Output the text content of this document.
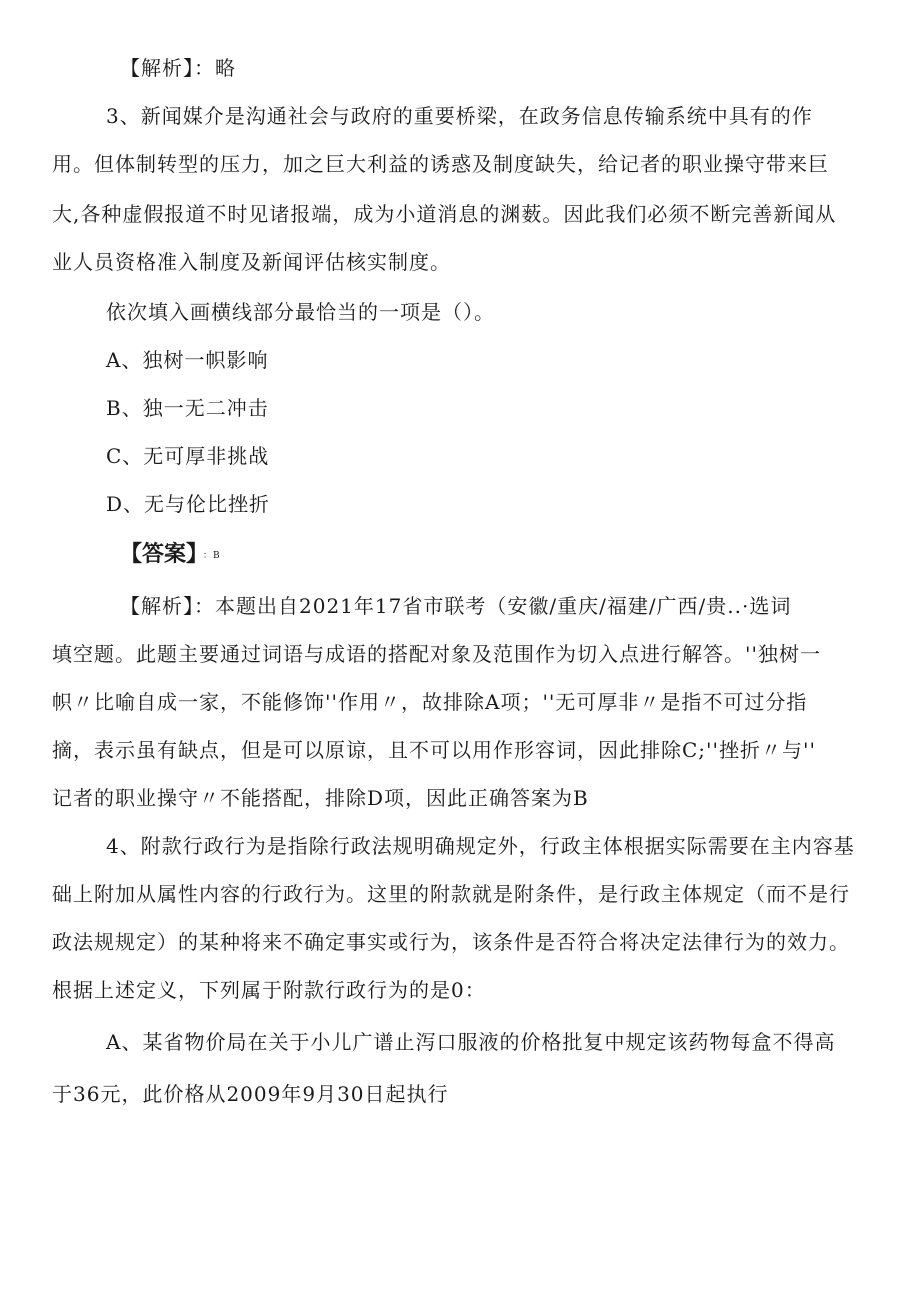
【解析】：略
3、新闻媒介是沟通社会与政府的重要桥梁，在政务信息传输系统中具有的作
用。但体制转型的压力，加之巨大利益的诱惑及制度缺失，给记者的职业操守带来巨
大,各种虚假报道不时见诸报端，成为小道消息的渊薮。因此我们必须不断完善新闻从
业人员资格准入制度及新闻评估核实制度。
依次填入画横线部分最恰当的一项是（）。
A、独树一帜影响
B、独一无二冲击
C、无可厚非挑战
D、无与伦比挫折
【答案】 ：B
【解析】：本题出自2021年17省市联考（安徽/重庆/福建/广西/贵..·选词
填空题。此题主要通过词语与成语的搭配对象及范围作为切入点进行解答。''独树一
帜〃比喻自成一家，不能修饰''作用〃，故排除A项；''无可厚非〃是指不可过分指
摘，表示虽有缺点，但是可以原谅，且不可以用作形容词，因此排除C;''挫折〃与''
记者的职业操守〃不能搭配，排除D项，因此正确答案为B
4、附款行政行为是指除行政法规明确规定外，行政主体根据实际需要在主内容基
础上附加从属性内容的行政行为。这里的附款就是附条件，是行政主体规定（而不是行
政法规规定）的某种将来不确定事实或行为，该条件是否符合将决定法律行为的效力。
根据上述定义，下列属于附款行政行为的是0：
A、某省物价局在关于小儿广谱止泻口服液的价格批复中规定该药物每盒不得高
于36元，此价格从2009年9月30日起执行
